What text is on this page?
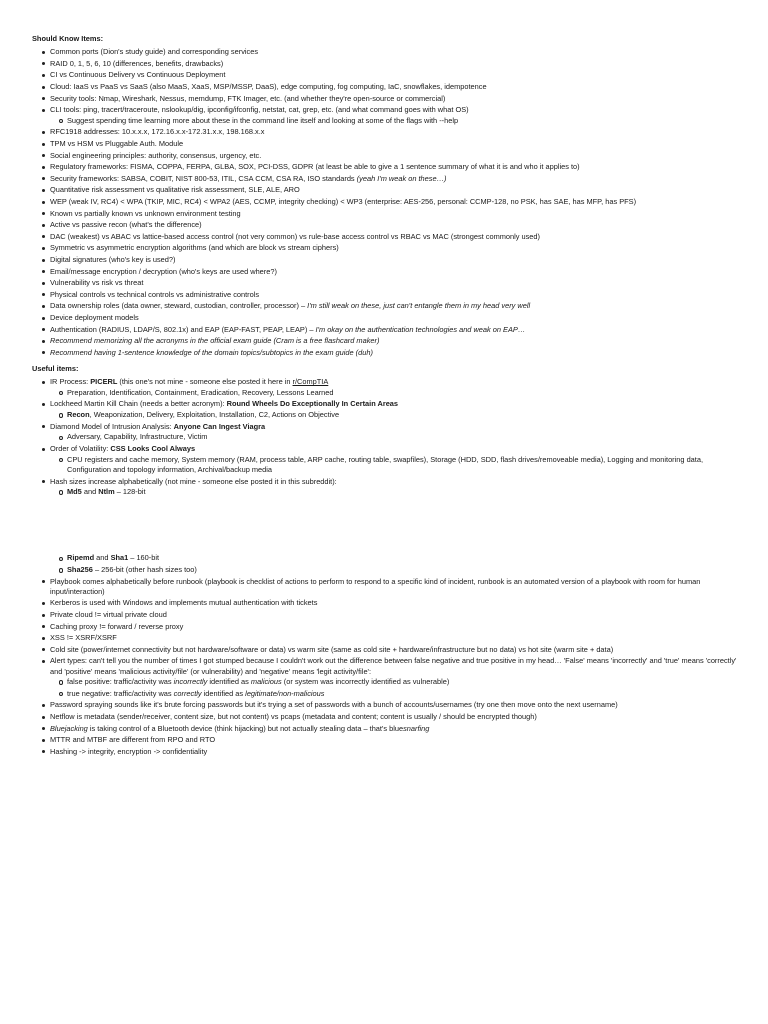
Should Know Items:
Common ports (Dion's study guide) and corresponding services
RAID 0, 1, 5, 6, 10 (differences, benefits, drawbacks)
CI vs Continuous Delivery vs Continuous Deployment
Cloud: IaaS vs PaaS vs SaaS (also MaaS, XaaS, MSP/MSSP, DaaS), edge computing, fog computing, IaC, snowflakes, idempotence
Security tools: Nmap, Wireshark, Nessus, memdump, FTK Imager, etc. (and whether they're open-source or commercial)
CLI tools: ping, tracert/traceroute, nslookup/dig, ipconfig/ifconfig, netstat, cat, grep, etc. (and what command goes with what OS)
Suggest spending time learning more about these in the command line itself and looking at some of the flags with --help
RFC1918 addresses: 10.x.x.x, 172.16.x.x-172.31.x.x, 198.168.x.x
TPM vs HSM vs Pluggable Auth. Module
Social engineering principles: authority, consensus, urgency, etc.
Regulatory frameworks: FISMA, COPPA, FERPA, GLBA, SOX, PCI-DSS, GDPR (at least be able to give a 1 sentence summary of what it is and who it applies to)
Security frameworks: SABSA, COBIT, NIST 800-53, ITIL, CSA CCM, CSA RA, ISO standards (yeah I'm weak on these…)
Quantitative risk assessment vs qualitative risk assessment, SLE, ALE, ARO
WEP (weak IV, RC4) < WPA (TKIP, MIC, RC4) < WPA2 (AES, CCMP, integrity checking) < WP3 (enterprise: AES-256, personal: CCMP-128, no PSK, has SAE, has MFP, has PFS)
Known vs partially known vs unknown environment testing
Active vs passive recon (what's the difference)
DAC (weakest) vs ABAC vs lattice-based access control (not very common) vs rule-base access control vs RBAC vs MAC (strongest commonly used)
Symmetric vs asymmetric encryption algorithms (and which are block vs stream ciphers)
Digital signatures (who's key is used?)
Email/message encryption / decryption (who's keys are used where?)
Vulnerability vs risk vs threat
Physical controls vs technical controls vs administrative controls
Data ownership roles (data owner, steward, custodian, controller, processor) – I'm still weak on these, just can't entangle them in my head very well
Device deployment models
Authentication (RADIUS, LDAP/S, 802.1x) and EAP (EAP-FAST, PEAP, LEAP) – I'm okay on the authentication technologies and weak on EAP…
Recommend memorizing all the acronyms in the official exam guide (Cram is a free flashcard maker)
Recommend having 1-sentence knowledge of the domain topics/subtopics in the exam guide (duh)
Useful items:
IR Process: PICERL (this one's not mine - someone else posted it here in r/CompTIA
Preparation, Identification, Containment, Eradication, Recovery, Lessons Learned
Lockheed Martin Kill Chain (needs a better acronym): Round Wheels Do Exceptionally In Certain Areas
Recon, Weaponization, Delivery, Exploitation, Installation, C2, Actions on Objective
Diamond Model of Intrusion Analysis: Anyone Can Ingest Viagra
Adversary, Capability, Infrastructure, Victim
Order of Volatility: CSS Looks Cool Always
CPU registers and cache memory, System memory (RAM, process table, ARP cache, routing table, swapfiles), Storage (HDD, SDD, flash drives/removeable media), Logging and monitoring data, Configuration and topology information, Archival/backup media
Hash sizes increase alphabetically (not mine - someone else posted it in this subreddit):
Md5 and Ntlm – 128-bit
Ripemd and Sha1 – 160-bit
Sha256 – 256-bit (other hash sizes too)
Playbook comes alphabetically before runbook (playbook is checklist of actions to perform to respond to a specific kind of incident, runbook is an automated version of a playbook with room for human input/interaction)
Kerberos is used with Windows and implements mutual authentication with tickets
Private cloud != virtual private cloud
Caching proxy != forward / reverse proxy
XSS != XSRF/XSRF
Cold site (power/internet connectivity but not hardware/software or data) vs warm site (same as cold site + hardware/infrastructure but no data) vs hot site (warm site + data)
Alert types: can't tell you the number of times I got stumped because I couldn't work out the difference between false negative and true positive in my head… 'False' means 'incorrectly' and 'true' means 'correctly' and 'positive' means 'malicious activity/file' (or vulnerability) and 'negative' means 'legit activity/file':
false positive: traffic/activity was incorrectly identified as malicious (or system was incorrectly identified as vulnerable)
true negative: traffic/activity was correctly identified as legitimate/non-malicious
Password spraying sounds like it's brute forcing passwords but it's trying a set of passwords with a bunch of accounts/usernames (try one then move onto the next username)
Netflow is metadata (sender/receiver, content size, but not content) vs pcaps (metadata and content; content is usually / should be encrypted though)
Bluejacking is taking control of a Bluetooth device (think hijacking) but not actually stealing data – that's bluesnarfing
MTTR and MTBF are different from RPO and RTO
Hashing -> integrity, encryption -> confidentiality
